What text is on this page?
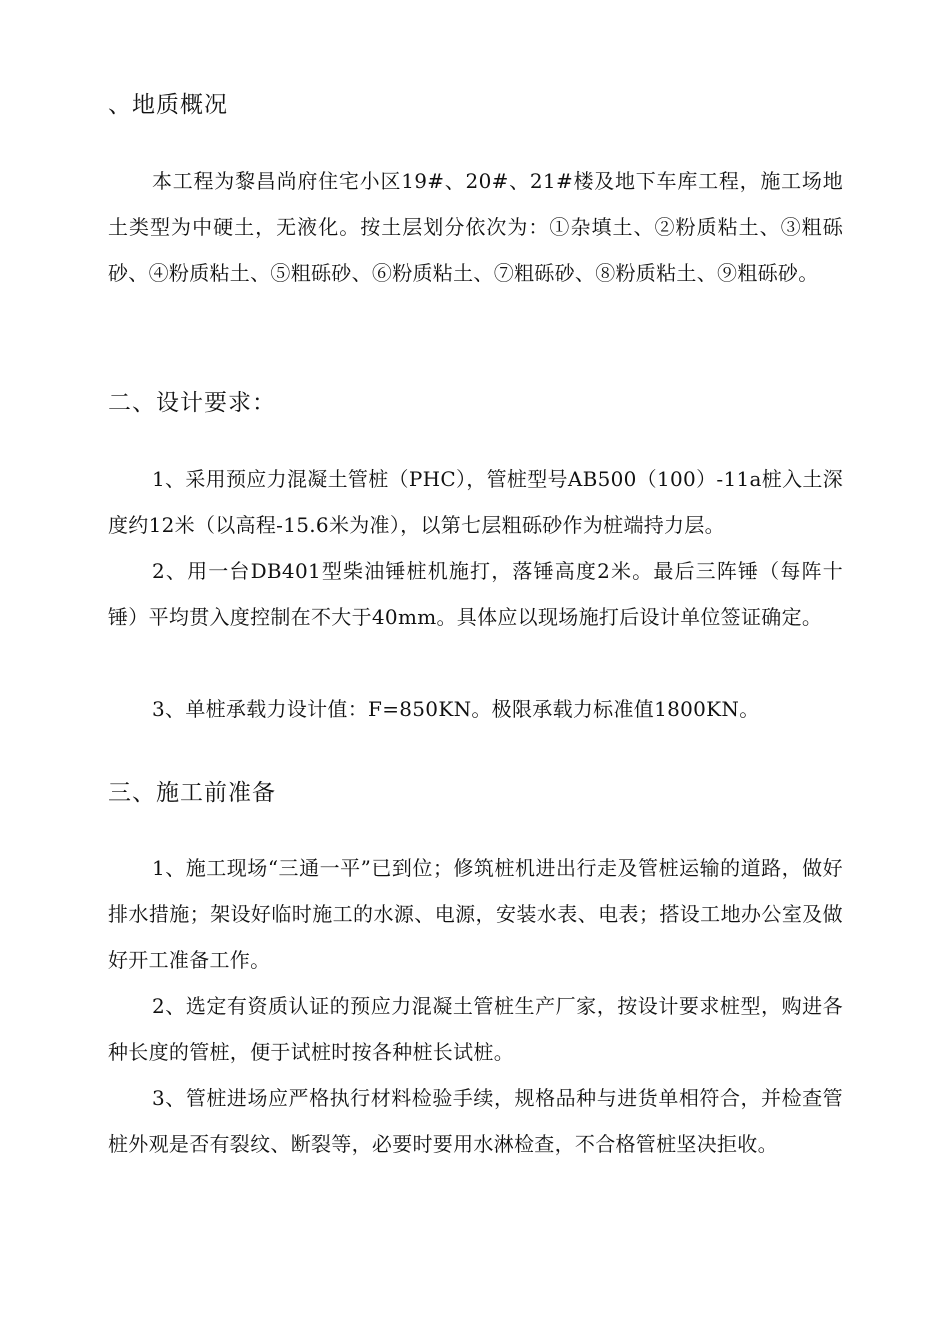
、地质概况
本工程为黎昌尚府住宅小区19#、20#、21#楼及地下车库工程，施工场地土类型为中硬土，无液化。按土层划分依次为：①杂填土、②粉质粘土、③粗砾砂、④粉质粘土、⑤粗砾砂、⑥粉质粘土、⑦粗砾砂、⑧粉质粘土、⑨粗砾砂。
二、设计要求：
1、采用预应力混凝土管桩（PHC），管桩型号AB500（100）-11a桩入土深度约12米（以高程-15.6米为准），以第七层粗砾砂作为桩端持力层。
2、用一台DB401型柴油锤桩机施打，落锤高度2米。最后三阵锤（每阵十锤）平均贯入度控制在不大于40mm。具体应以现场施打后设计单位签证确定。
3、单桩承载力设计值：F=850KN。极限承载力标准值1800KN。
三、施工前准备
1、施工现场“三通一平”已到位；修筑桩机进出行走及管桩运输的道路，做好排水措施；架设好临时施工的水源、电源，安装水表、电表；搭设工地办公室及做好开工准备工作。
2、选定有资质认证的预应力混凝土管桩生产厂家，按设计要求桩型，购进各种长度的管桩，便于试桩时按各种桩长试桩。
3、管桩进场应严格执行材料检验手续，规格品种与进货单相符合，并检查管桩外观是否有裂纹、断裂等，必要时要用水淋检查，不合格管桩坚决拒收。
